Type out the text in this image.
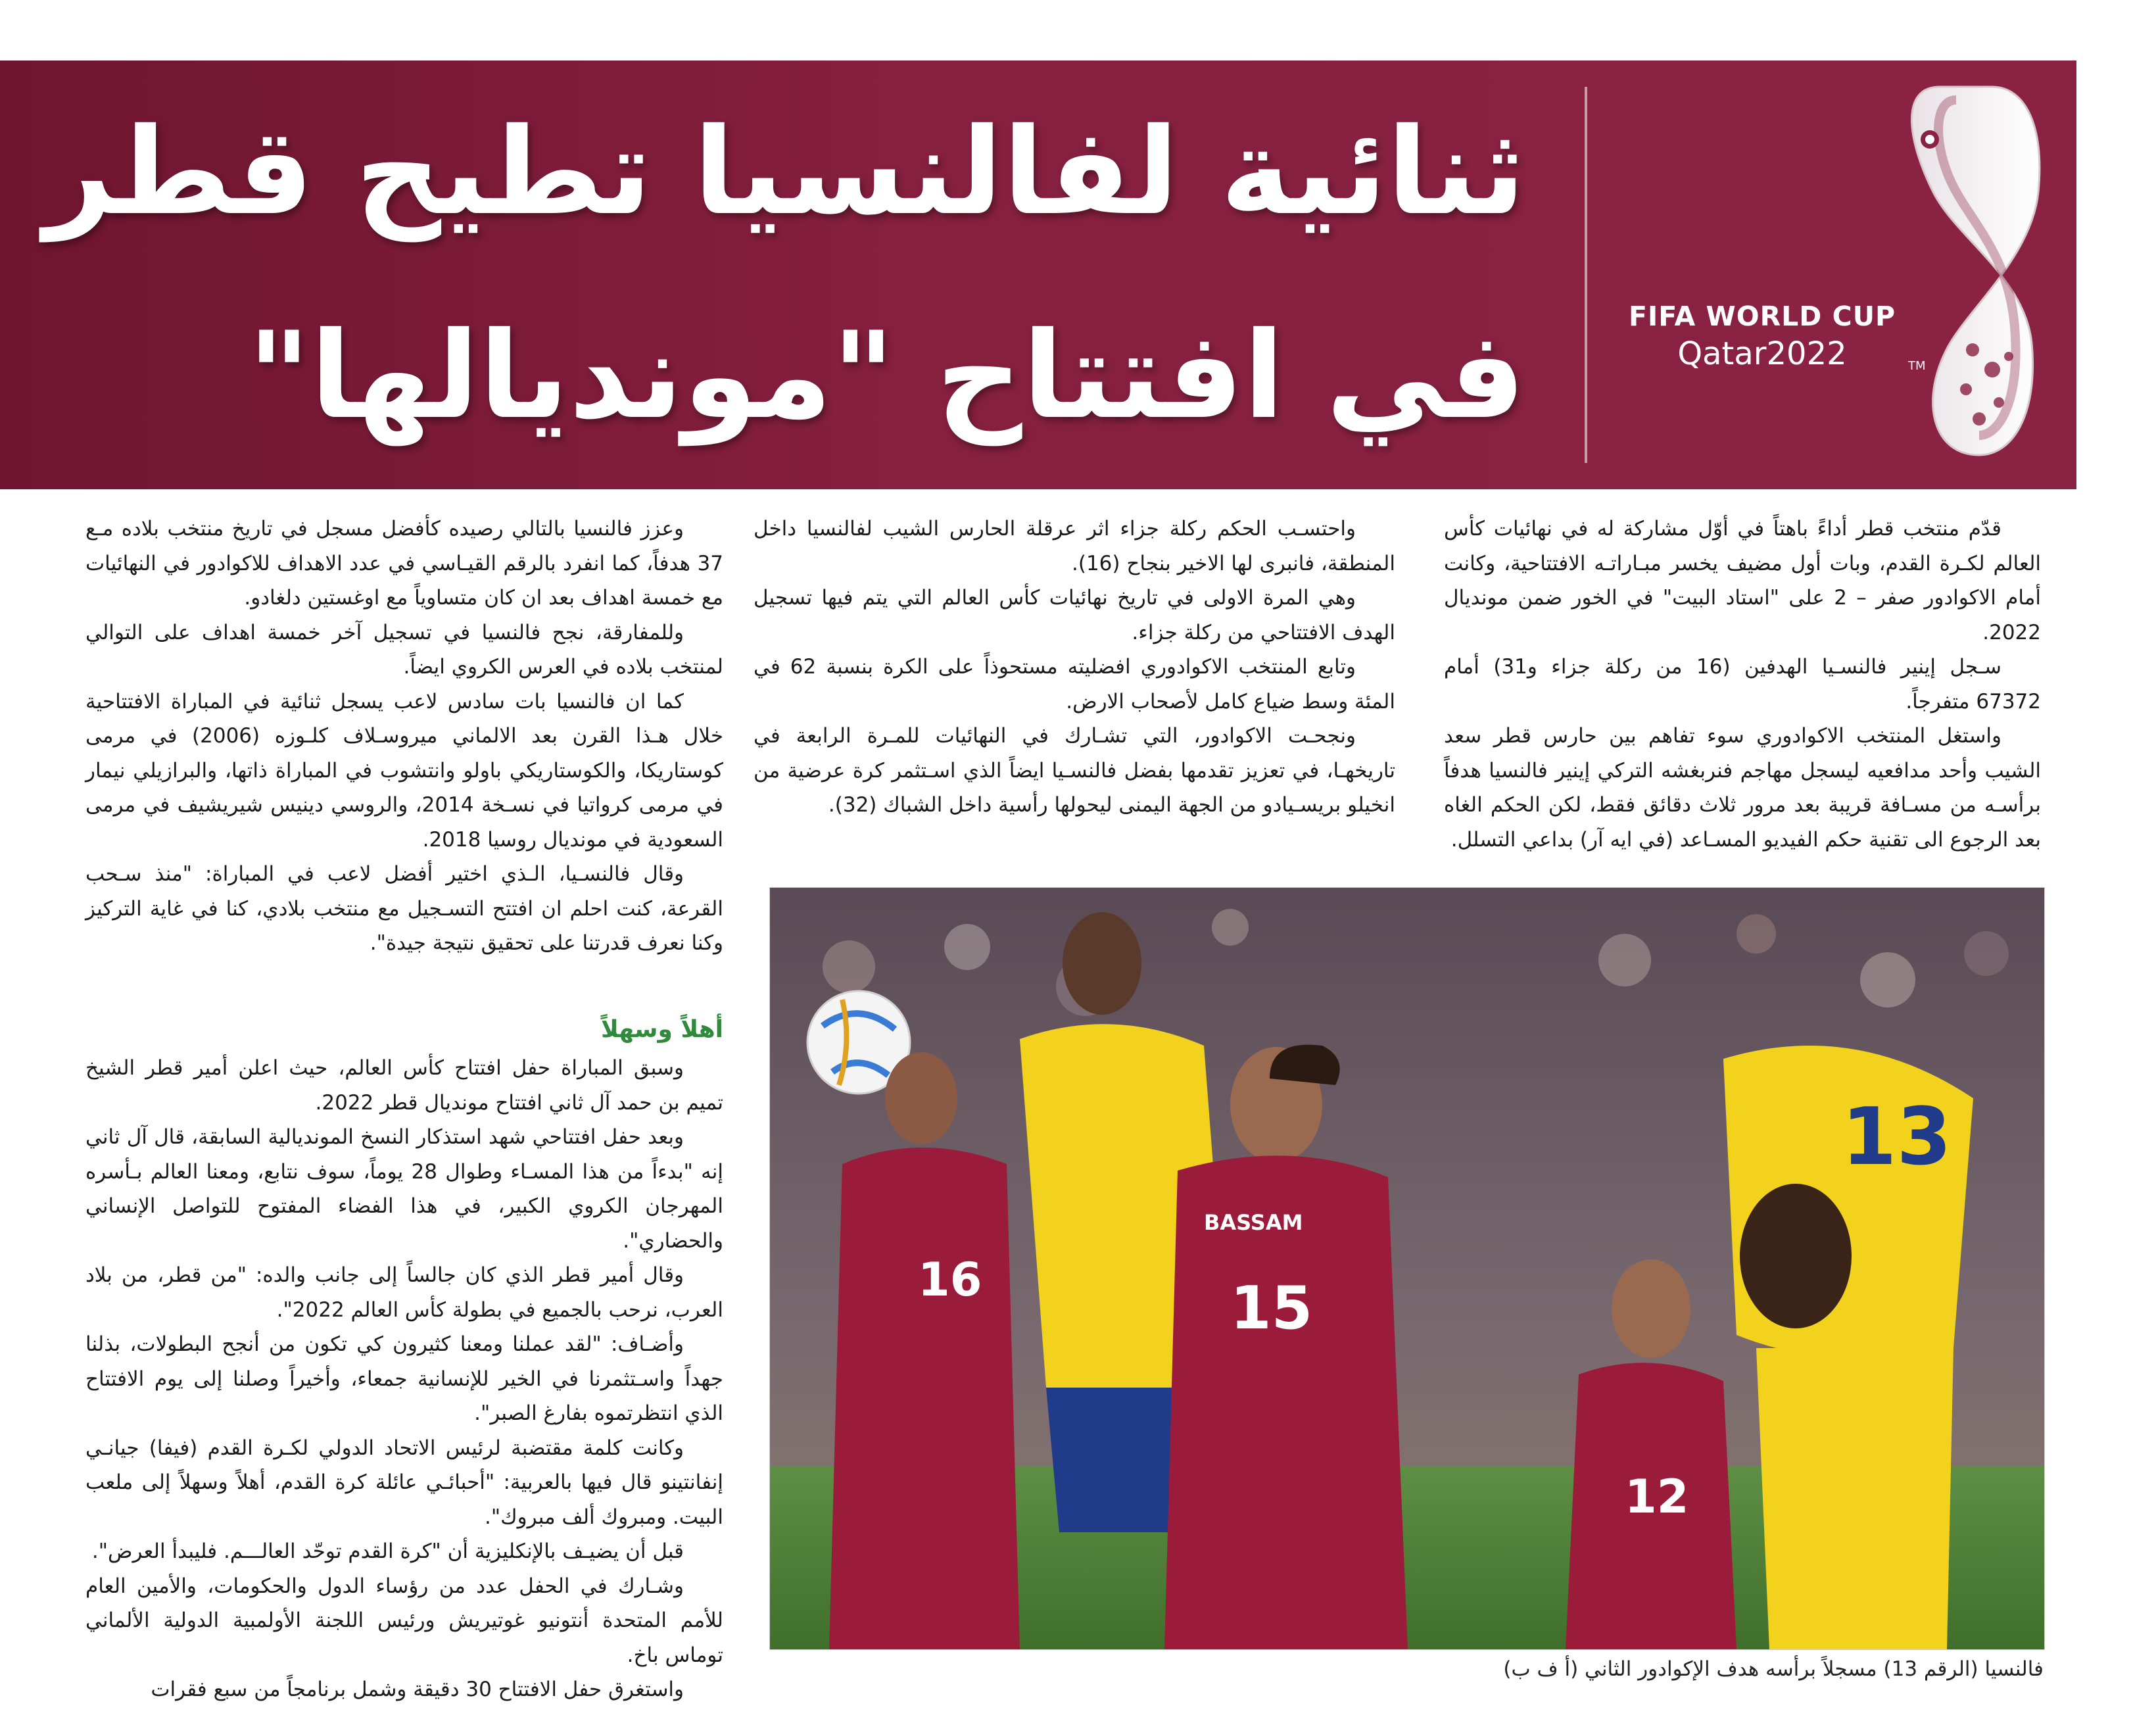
ثنائية لفالنسيا تطيح قطر
في افتتاح "مونديالها"	FIFA WORLD CUP
Qatar2022	TM

قدّم منتخب قطر أداءً باهتاً في أوّل مشاركة له في نهائيات كأس العالم لكـرة القدم، وبات أول مضيف يخسر مبـاراتـه الافتتاحية، وكانت أمام الاكوادور صفر – 2 على "استاد البيت" في الخور ضمن مونديال 2022.

سـجل إينير فالنسـيا الهدفين (16 من ركلة جزاء و31) أمام 67372 متفرجاً.

واستغل المنتخب الاكوادوري سوء تفاهم بين حارس قطر سعد الشيب وأحد مدافعيه ليسجل مهاجم فنربغشه التركي إينير فالنسيا هدفاً برأسـه من مسـافة قريبة بعد مرور ثلاث دقائق فقط، لكن الحكم الغاه بعد الرجوع الى تقنية حكم الفيديو المسـاعد (في ايه آر) بداعي التسلل.

واحتسـب الحكم ركلة جزاء اثر عرقلة الحارس الشيب لفالنسيا داخل المنطقة، فانبرى لها الاخير بنجاح (16).

وهي المرة الاولى في تاريخ نهائيات كأس العالم التي يتم فيها تسجيل الهدف الافتتاحي من ركلة جزاء.

وتابع المنتخب الاكوادوري افضليته مستحوذاً على الكرة بنسبة 62 في المئة وسط ضياع كامل لأصحاب الارض.

ونجحـت الاكوادور، التي تشـارك في النهائيات للمـرة الرابعة في تاريخهـا، في تعزيز تقدمها بفضل فالنسـيا ايضاً الذي اسـتثمر كرة عرضية من انخيلو بريسـيادو من الجهة اليمنى ليحولها رأسية داخل الشباك (32).

وعزز فالنسيا بالتالي رصيده كأفضل مسجل في تاريخ منتخب بلاده مـع 37 هدفاً، كما انفرد بالرقم القيـاسي في عدد الاهداف للاكوادور في النهائيات مع خمسة اهداف بعد ان كان متساوياً مع اوغستين دلغادو.

وللمفارقة، نجح فالنسيا في تسجيل آخر خمسة اهداف على التوالي لمنتخب بلاده في العرس الكروي ايضاً.

كما ان فالنسيا بات سادس لاعب يسجل ثنائية في المباراة الافتتاحية خلال هـذا القرن بعد الالماني ميروسـلاف كلـوزه (2006) في مرمى كوستاريكا، والكوستاريكي باولو وانتشوب في المباراة ذاتها، والبرازيلي نيمار في مرمى كرواتيا في نسـخة 2014، والروسي دينيس شيريشيف في مرمى السعودية في مونديال روسيا 2018.

وقال فالنسـيا، الـذي اختير أفضل لاعب في المباراة: "منذ سـحب القرعة، كنت احلم ان افتتح التسـجيل مع منتخب بلادي، كنا في غاية التركيز وكنا نعرف قدرتنا على تحقيق نتيجة جيدة".

أهلاً وسهلاً

وسبق المباراة حفل افتتاح كأس العالم، حيث اعلن أمير قطر الشيخ تميم بن حمد آل ثاني افتتاح مونديال قطر 2022.

وبعد حفل افتتاحي شهد استذكار النسخ المونديالية السابقة، قال آل ثاني إنه "بدءاً من هذا المسـاء وطوال 28 يوماً، سوف نتابع، ومعنا العالم بـأسره المهرجان الكروي الكبير، في هذا الفضاء المفتوح للتواصل الإنساني والحضاري".

وقال أمير قطر الذي كان جالساً إلى جانب والده: "من قطر، من بلاد العرب، نرحب بالجميع في بطولة كأس العالم 2022".

وأضـاف: "لقد عملنا ومعنا كثيرون كي تكون من أنجح البطولات، بذلنا جهداً واسـتثمرنا في الخير للإنسانية جمعاء، وأخيراً وصلنا إلى يوم الافتتاح الذي انتظرتموه بفارغ الصبر".

وكانت كلمة مقتضبة لرئيس الاتحاد الدولي لكـرة القدم (فيفا) جيانـي إنفانتينو قال فيها بالعربية: "أحبائـي عائلة كرة القدم، أهلاً وسهلاً إلى ملعب البيت. ومبروك ألف مبروك".

قبل أن يضيـف بالإنكليزية أن "كرة القدم توحّد العالـــم. فليبدأ العرض".

وشـارك في الحفل عدد من رؤساء الدول والحكومات، والأمين العام للأمم المتحدة أنتونيو غوتيريش ورئيس اللجنة الأولمبية الدولية الألماني توماس باخ.

واستغرق حفل الافتتاح 30 دقيقة وشمل برنامجاً من سبع فقرات

13
15
BASSAM
16
12
فالنسيا (الرقم 13) مسجلاً برأسه هدف الإكوادور الثاني (أ ف ب)
